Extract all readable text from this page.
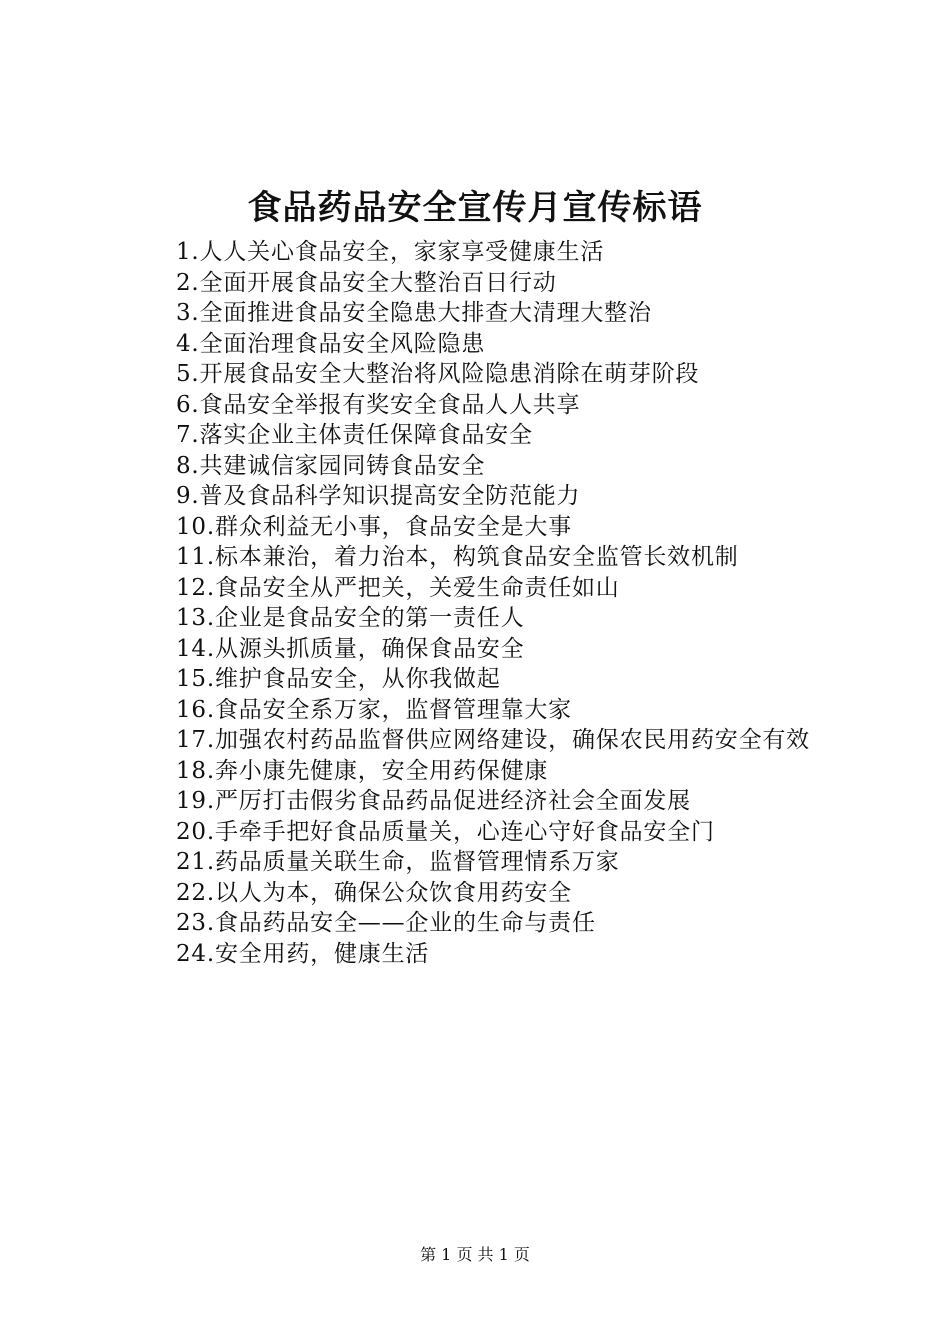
食品药品安全宣传月宣传标语
1.人人关心食品安全，家家享受健康生活
2.全面开展食品安全大整治百日行动
3.全面推进食品安全隐患大排查大清理大整治
4.全面治理食品安全风险隐患
5.开展食品安全大整治将风险隐患消除在萌芽阶段
6.食品安全举报有奖安全食品人人共享
7.落实企业主体责任保障食品安全
8.共建诚信家园同铸食品安全
9.普及食品科学知识提高安全防范能力
10.群众利益无小事，食品安全是大事
11.标本兼治，着力治本，构筑食品安全监管长效机制
12.食品安全从严把关，关爱生命责任如山
13.企业是食品安全的第一责任人
14.从源头抓质量，确保食品安全
15.维护食品安全，从你我做起
16.食品安全系万家，监督管理靠大家
17.加强农村药品监督供应网络建设，确保农民用药安全有效
18.奔小康先健康，安全用药保健康
19.严厉打击假劣食品药品促进经济社会全面发展
20.手牵手把好食品质量关，心连心守好食品安全门
21.药品质量关联生命，监督管理情系万家
22.以人为本，确保公众饮食用药安全
23.食品药品安全——企业的生命与责任
24.安全用药，健康生活
第 1 页 共 1 页
